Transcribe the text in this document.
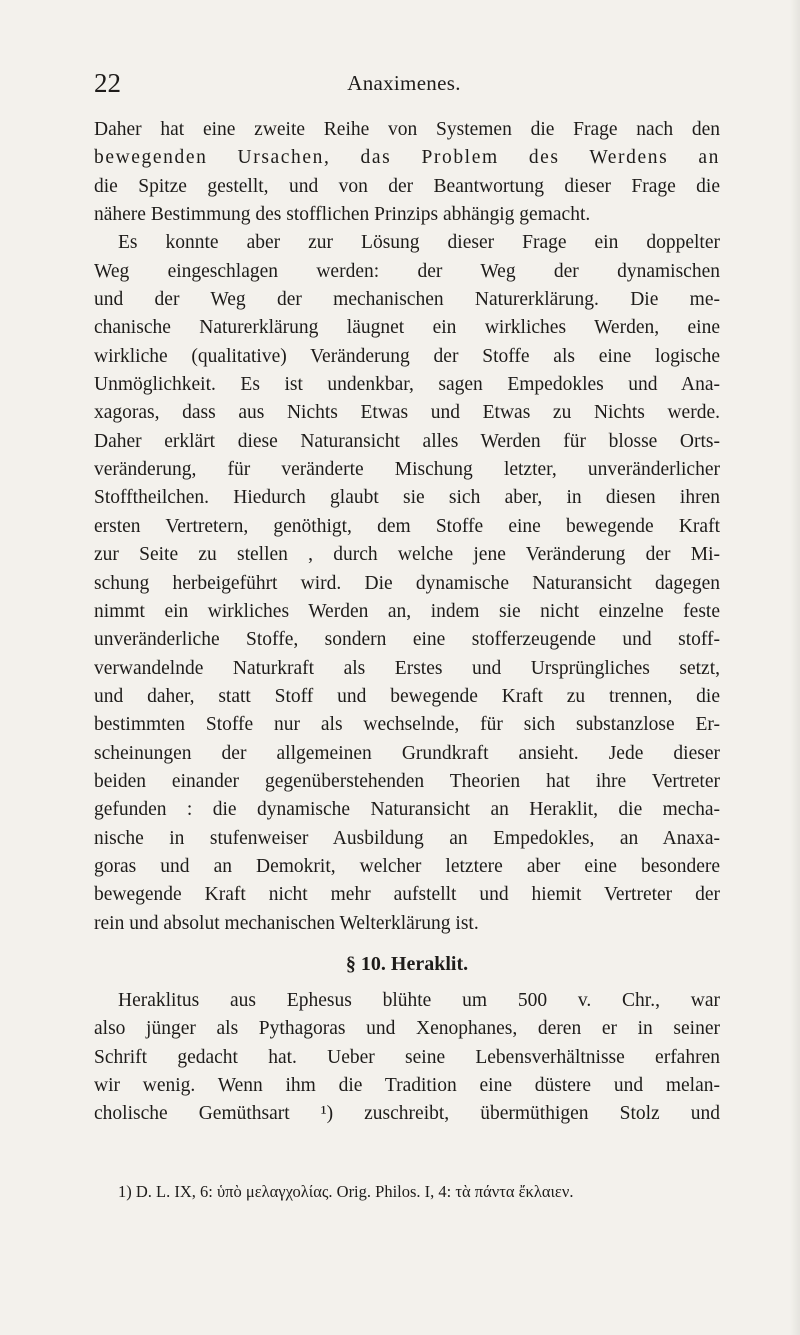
22	Anaximenes.
Daher hat eine zweite Reihe von Systemen die Frage nach den
bewegenden Ursachen, das Problem des Werdens an
die Spitze gestellt, und von der Beantwortung dieser Frage die
nähere Bestimmung des stofflichen Prinzips abhängig gemacht.
Es konnte aber zur Lösung dieser Frage ein doppelter
Weg eingeschlagen werden: der Weg der dynamischen
und der Weg der mechanischen Naturerklärung. Die me-
chanische Naturerklärung läugnet ein wirkliches Werden, eine
wirkliche (qualitative) Veränderung der Stoffe als eine logische
Unmöglichkeit. Es ist undenkbar, sagen Empedokles und Ana-
xagoras, dass aus Nichts Etwas und Etwas zu Nichts werde.
Daher erklärt diese Naturansicht alles Werden für blosse Orts-
veränderung, für veränderte Mischung letzter, unveränderlicher
Stofftheilchen. Hiedurch glaubt sie sich aber, in diesen ihren
ersten Vertretern, genöthigt, dem Stoffe eine bewegende Kraft
zur Seite zu stellen , durch welche jene Veränderung der Mi-
schung herbeigeführt wird. Die dynamische Naturansicht dagegen
nimmt ein wirkliches Werden an, indem sie nicht einzelne feste
unveränderliche Stoffe, sondern eine stofferzeugende und stoff-
verwandelnde Naturkraft als Erstes und Ursprüngliches setzt,
und daher, statt Stoff und bewegende Kraft zu trennen, die
bestimmten Stoffe nur als wechselnde, für sich substanzlose Er-
scheinungen der allgemeinen Grundkraft ansieht. Jede dieser
beiden einander gegenüberstehenden Theorien hat ihre Vertreter
gefunden : die dynamische Naturansicht an Heraklit, die mecha-
nische in stufenweiser Ausbildung an Empedokles, an Anaxa-
goras und an Demokrit, welcher letztere aber eine besondere
bewegende Kraft nicht mehr aufstellt und hiemit Vertreter der
rein und absolut mechanischen Welterklärung ist.
§ 10. Heraklit.
Heraklitus aus Ephesus blühte um 500 v. Chr., war
also jünger als Pythagoras und Xenophanes, deren er in seiner
Schrift gedacht hat. Ueber seine Lebensverhältnisse erfahren
wir wenig. Wenn ihm die Tradition eine düstere und melan-
cholische Gemüthsart ¹) zuschreibt, übermüthigen Stolz und
1) D. L. IX, 6: ὑπὸ μελαγχολίας. Orig. Philos. I, 4: τὰ πάντα ἔκλαιεν.
